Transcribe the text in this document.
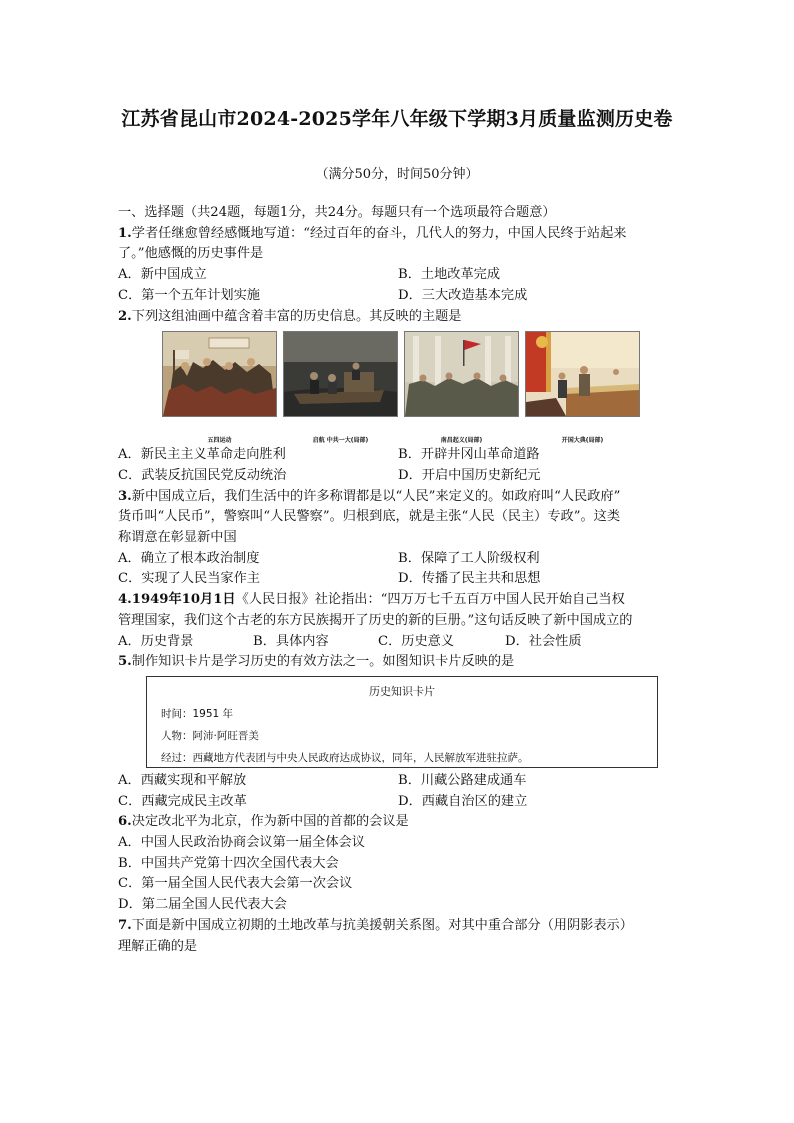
江苏省昆山市2024-2025学年八年级下学期3月质量监测历史卷
（满分50分，时间50分钟）
一、选择题（共24题，每题1分，共24分。每题只有一个选项最符合题意）
1.学者任继愈曾经感慨地写道：“经过百年的奋斗，几代人的努力，中国人民终于站起来
了。”他感慨的历史事件是
A．新中国成立	B．土地改革完成
C．第一个五年计划实施	D．三大改造基本完成
2.下列这组油画中蕴含着丰富的历史信息。其反映的主题是
五四运动	启航 中共一大(局部)	南昌起义(局部)	开国大典(局部)
A．新民主主义革命走向胜利	B．开辟井冈山革命道路
C．武装反抗国民党反动统治	D．开启中国历史新纪元
3.新中国成立后，我们生活中的许多称谓都是以“人民”来定义的。如政府叫“人民政府”
货币叫“人民币”，警察叫“人民警察”。归根到底，就是主张“人民（民主）专政”。这类
称谓意在彰显新中国
A．确立了根本政治制度	B．保障了工人阶级权利
C．实现了人民当家作主	D．传播了民主共和思想
4.1949年10月1日《人民日报》社论指出：“四万万七千五百万中国人民开始自己当权
管理国家，我们这个古老的东方民族揭开了历史的新的巨册。”这句话反映了新中国成立的
A．历史背景	B．具体内容	C．历史意义	D．社会性质
5.制作知识卡片是学习历史的有效方法之一。如图知识卡片反映的是
历史知识卡片
时间：1951 年
人物：阿沛·阿旺晋美
经过：西藏地方代表团与中央人民政府达成协议，同年，人民解放军进驻拉萨。
A．西藏实现和平解放	B．川藏公路建成通车
C．西藏完成民主改革	D．西藏自治区的建立
6.决定改北平为北京，作为新中国的首都的会议是
A．中国人民政治协商会议第一届全体会议
B．中国共产党第十四次全国代表大会
C．第一届全国人民代表大会第一次会议
D．第二届全国人民代表大会
7.下面是新中国成立初期的土地改革与抗美援朝关系图。对其中重合部分（用阴影表示）
理解正确的是
